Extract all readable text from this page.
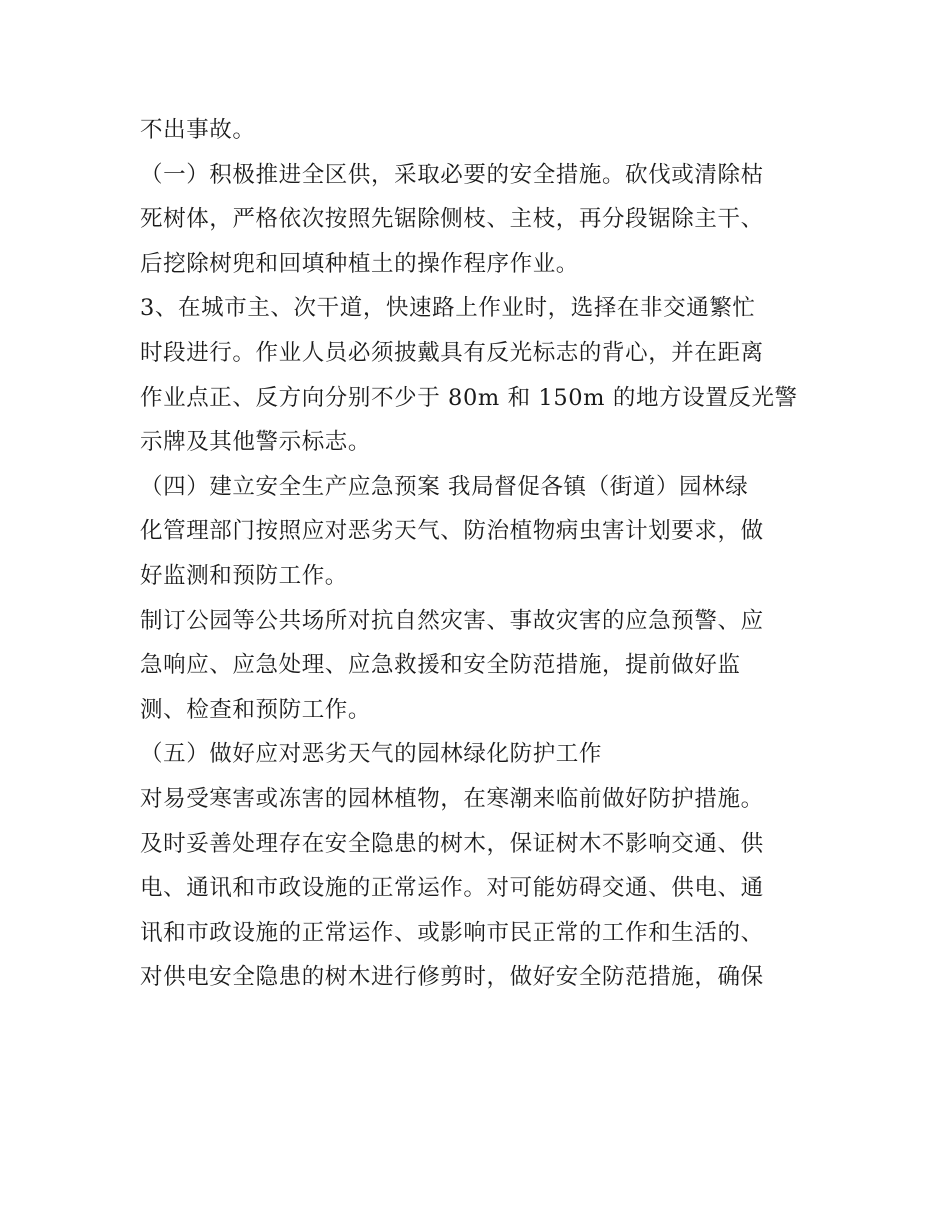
不出事故。
（一）积极推进全区供，采取必要的安全措施。砍伐或清除枯
死树体，严格依次按照先锯除侧枝、主枝，再分段锯除主干、
后挖除树兜和回填种植土的操作程序作业。
3、在城市主、次干道，快速路上作业时，选择在非交通繁忙
时段进行。作业人员必须披戴具有反光标志的背心，并在距离
作业点正、反方向分别不少于 80m 和 150m 的地方设置反光警
示牌及其他警示标志。
（四）建立安全生产应急预案 我局督促各镇（街道）园林绿
化管理部门按照应对恶劣天气、防治植物病虫害计划要求，做
好监测和预防工作。
制订公园等公共场所对抗自然灾害、事故灾害的应急预警、应
急响应、应急处理、应急救援和安全防范措施，提前做好监
测、检查和预防工作。
（五）做好应对恶劣天气的园林绿化防护工作
对易受寒害或冻害的园林植物，在寒潮来临前做好防护措施。
及时妥善处理存在安全隐患的树木，保证树木不影响交通、供
电、通讯和市政设施的正常运作。对可能妨碍交通、供电、通
讯和市政设施的正常运作、或影响市民正常的工作和生活的、
对供电安全隐患的树木进行修剪时，做好安全防范措施，确保
